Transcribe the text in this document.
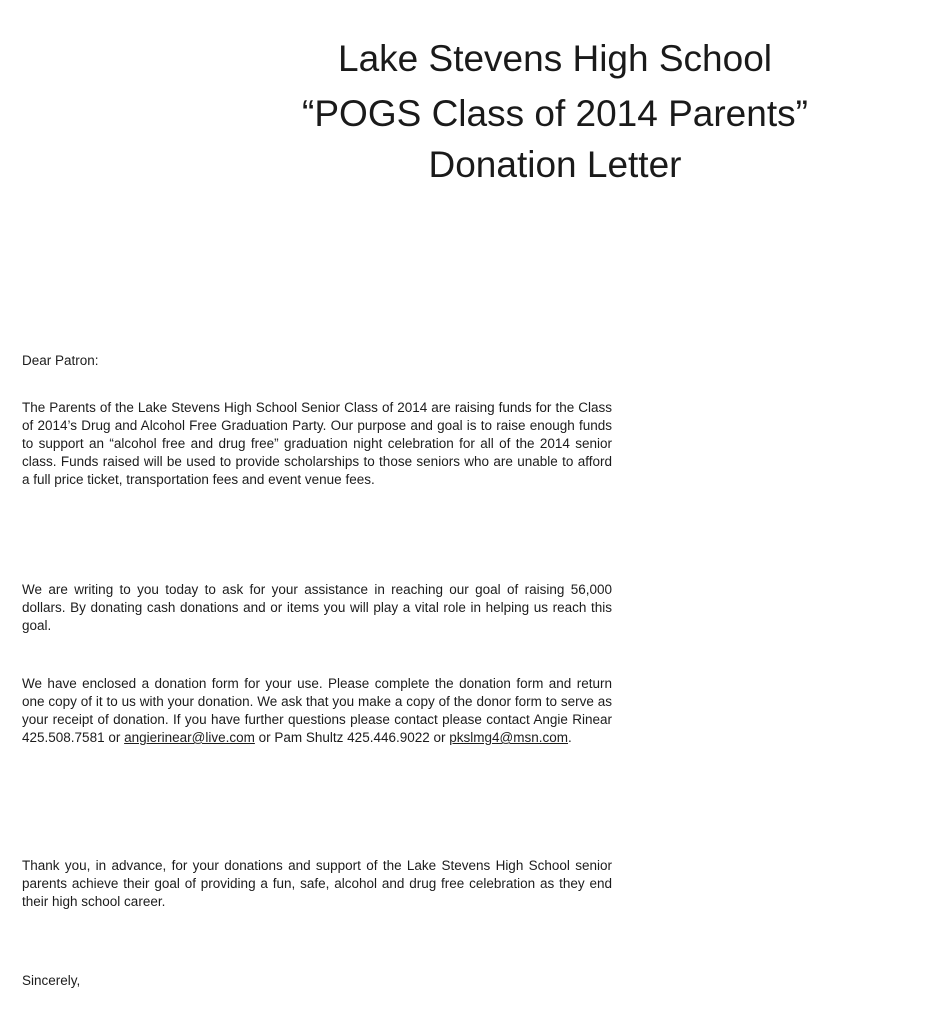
Lake Stevens High School
“POGS Class of 2014 Parents”
Donation Letter
Dear Patron:
The Parents of the Lake Stevens High School Senior Class of 2014 are raising funds for the Class of 2014’s Drug and Alcohol Free Graduation Party. Our purpose and goal is to raise enough funds to support an “alcohol free and drug free” graduation night celebration for all of the 2014 senior class. Funds raised will be used to provide scholarships to those seniors who are unable to afford a full price ticket, transportation fees and event venue fees.
We are writing to you today to ask for your assistance in reaching our goal of raising 56,000 dollars. By donating cash donations and or items you will play a vital role in helping us reach this goal.
We have enclosed a donation form for your use. Please complete the donation form and return one copy of it to us with your donation. We ask that you make a copy of the donor form to serve as your receipt of donation. If you have further questions please contact please contact Angie Rinear 425.508.7581 or angierinear@live.com or Pam Shultz 425.446.9022 or pkslmg4@msn.com.
Thank you, in advance, for your donations and support of the Lake Stevens High School senior parents achieve their goal of providing a fun, safe, alcohol and drug free celebration as they end their high school career.
Sincerely,
